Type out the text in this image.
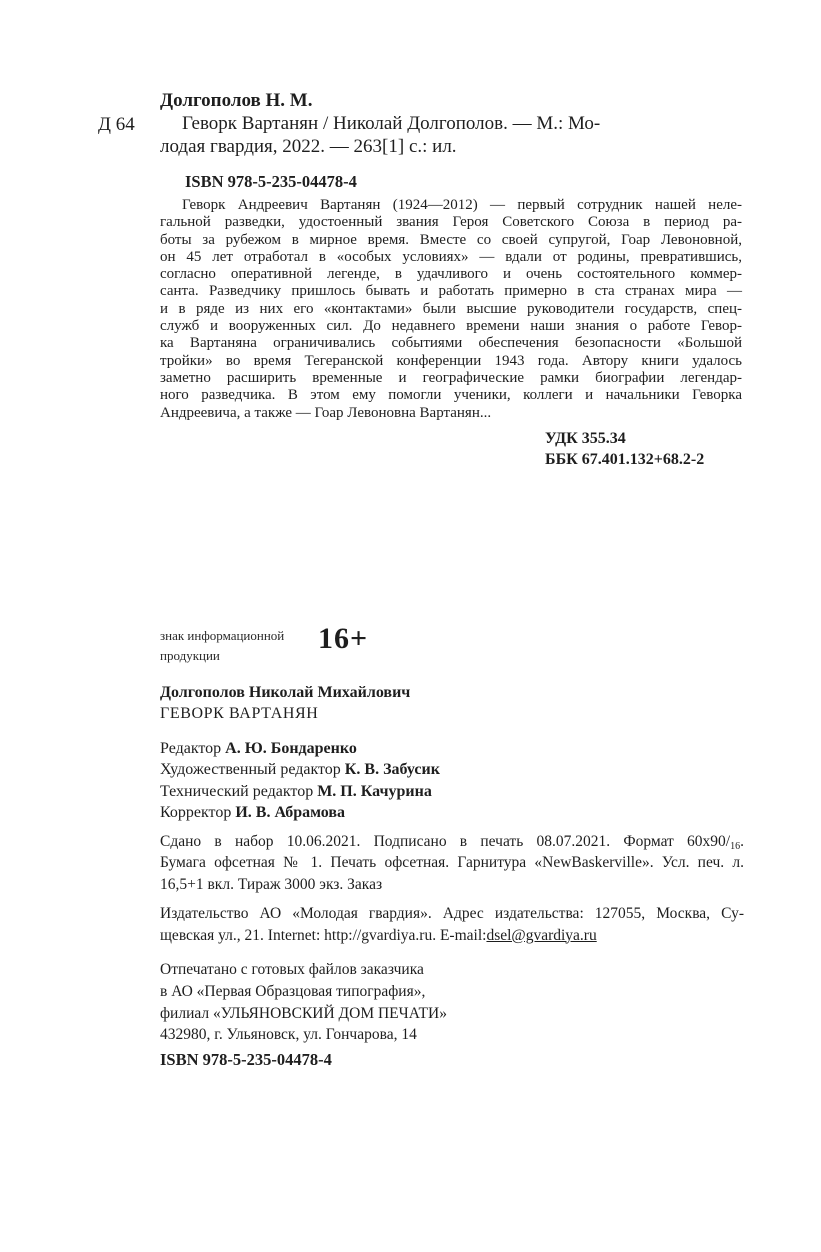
Долгополов Н. М.
Д 64	Геворк Вартанян / Николай Долгополов. — М.: Мо-
лодая гвардия, 2022. — 263[1] с.: ил.
ISBN 978-5-235-04478-4
Геворк Андреевич Вартанян (1924—2012) — первый сотрудник нашей неле-
гальной разведки, удостоенный звания Героя Советского Союза в период ра-
боты за рубежом в мирное время. Вместе со своей супругой, Гоар Левоновной,
он 45 лет отработал в «особых условиях» — вдали от родины, превратившись,
согласно оперативной легенде, в удачливого и очень состоятельного коммер-
санта. Разведчику пришлось бывать и работать примерно в ста странах мира —
и в ряде из них его «контактами» были высшие руководители государств, спец-
служб и вооруженных сил. До недавнего времени наши знания о работе Гевор-
ка Вартаняна ограничивались событиями обеспечения безопасности «Большой
тройки» во время Тегеранской конференции 1943 года. Автору книги удалось
заметно расширить временные и географические рамки биографии легендар-
ного разведчика. В этом ему помогли ученики, коллеги и начальники Геворка
Андреевича, а также — Гоар Левоновна Вартанян...
УДК 355.34
ББК 67.401.132+68.2-2
знак информационной
продукции	16+
Долгополов Николай Михайлович
ГЕВОРК ВАРТАНЯН
Редактор А. Ю. Бондаренко
Художественный редактор К. В. Забусик
Технический редактор М. П. Качурина
Корректор И. В. Абрамова
Сдано в набор 10.06.2021. Подписано в печать 08.07.2021. Формат $60х90/_{16}$.
Бумага офсетная № 1. Печать офсетная. Гарнитура «NewBaskerville». Усл. печ. л.
16,5+1 вкл. Тираж 3000 экз. Заказ
Издательство АО «Молодая гвардия». Адрес издательства: 127055, Москва, Су-
щевская ул., 21. Internet: http://gvardiya.ru. E-mail:dsel@gvardiya.ru
Отпечатано с готовых файлов заказчика
в АО «Первая Образцовая типография»,
филиал «УЛЬЯНОВСКИЙ ДОМ ПЕЧАТИ»
432980, г. Ульяновск, ул. Гончарова, 14
ISBN 978-5-235-04478-4
